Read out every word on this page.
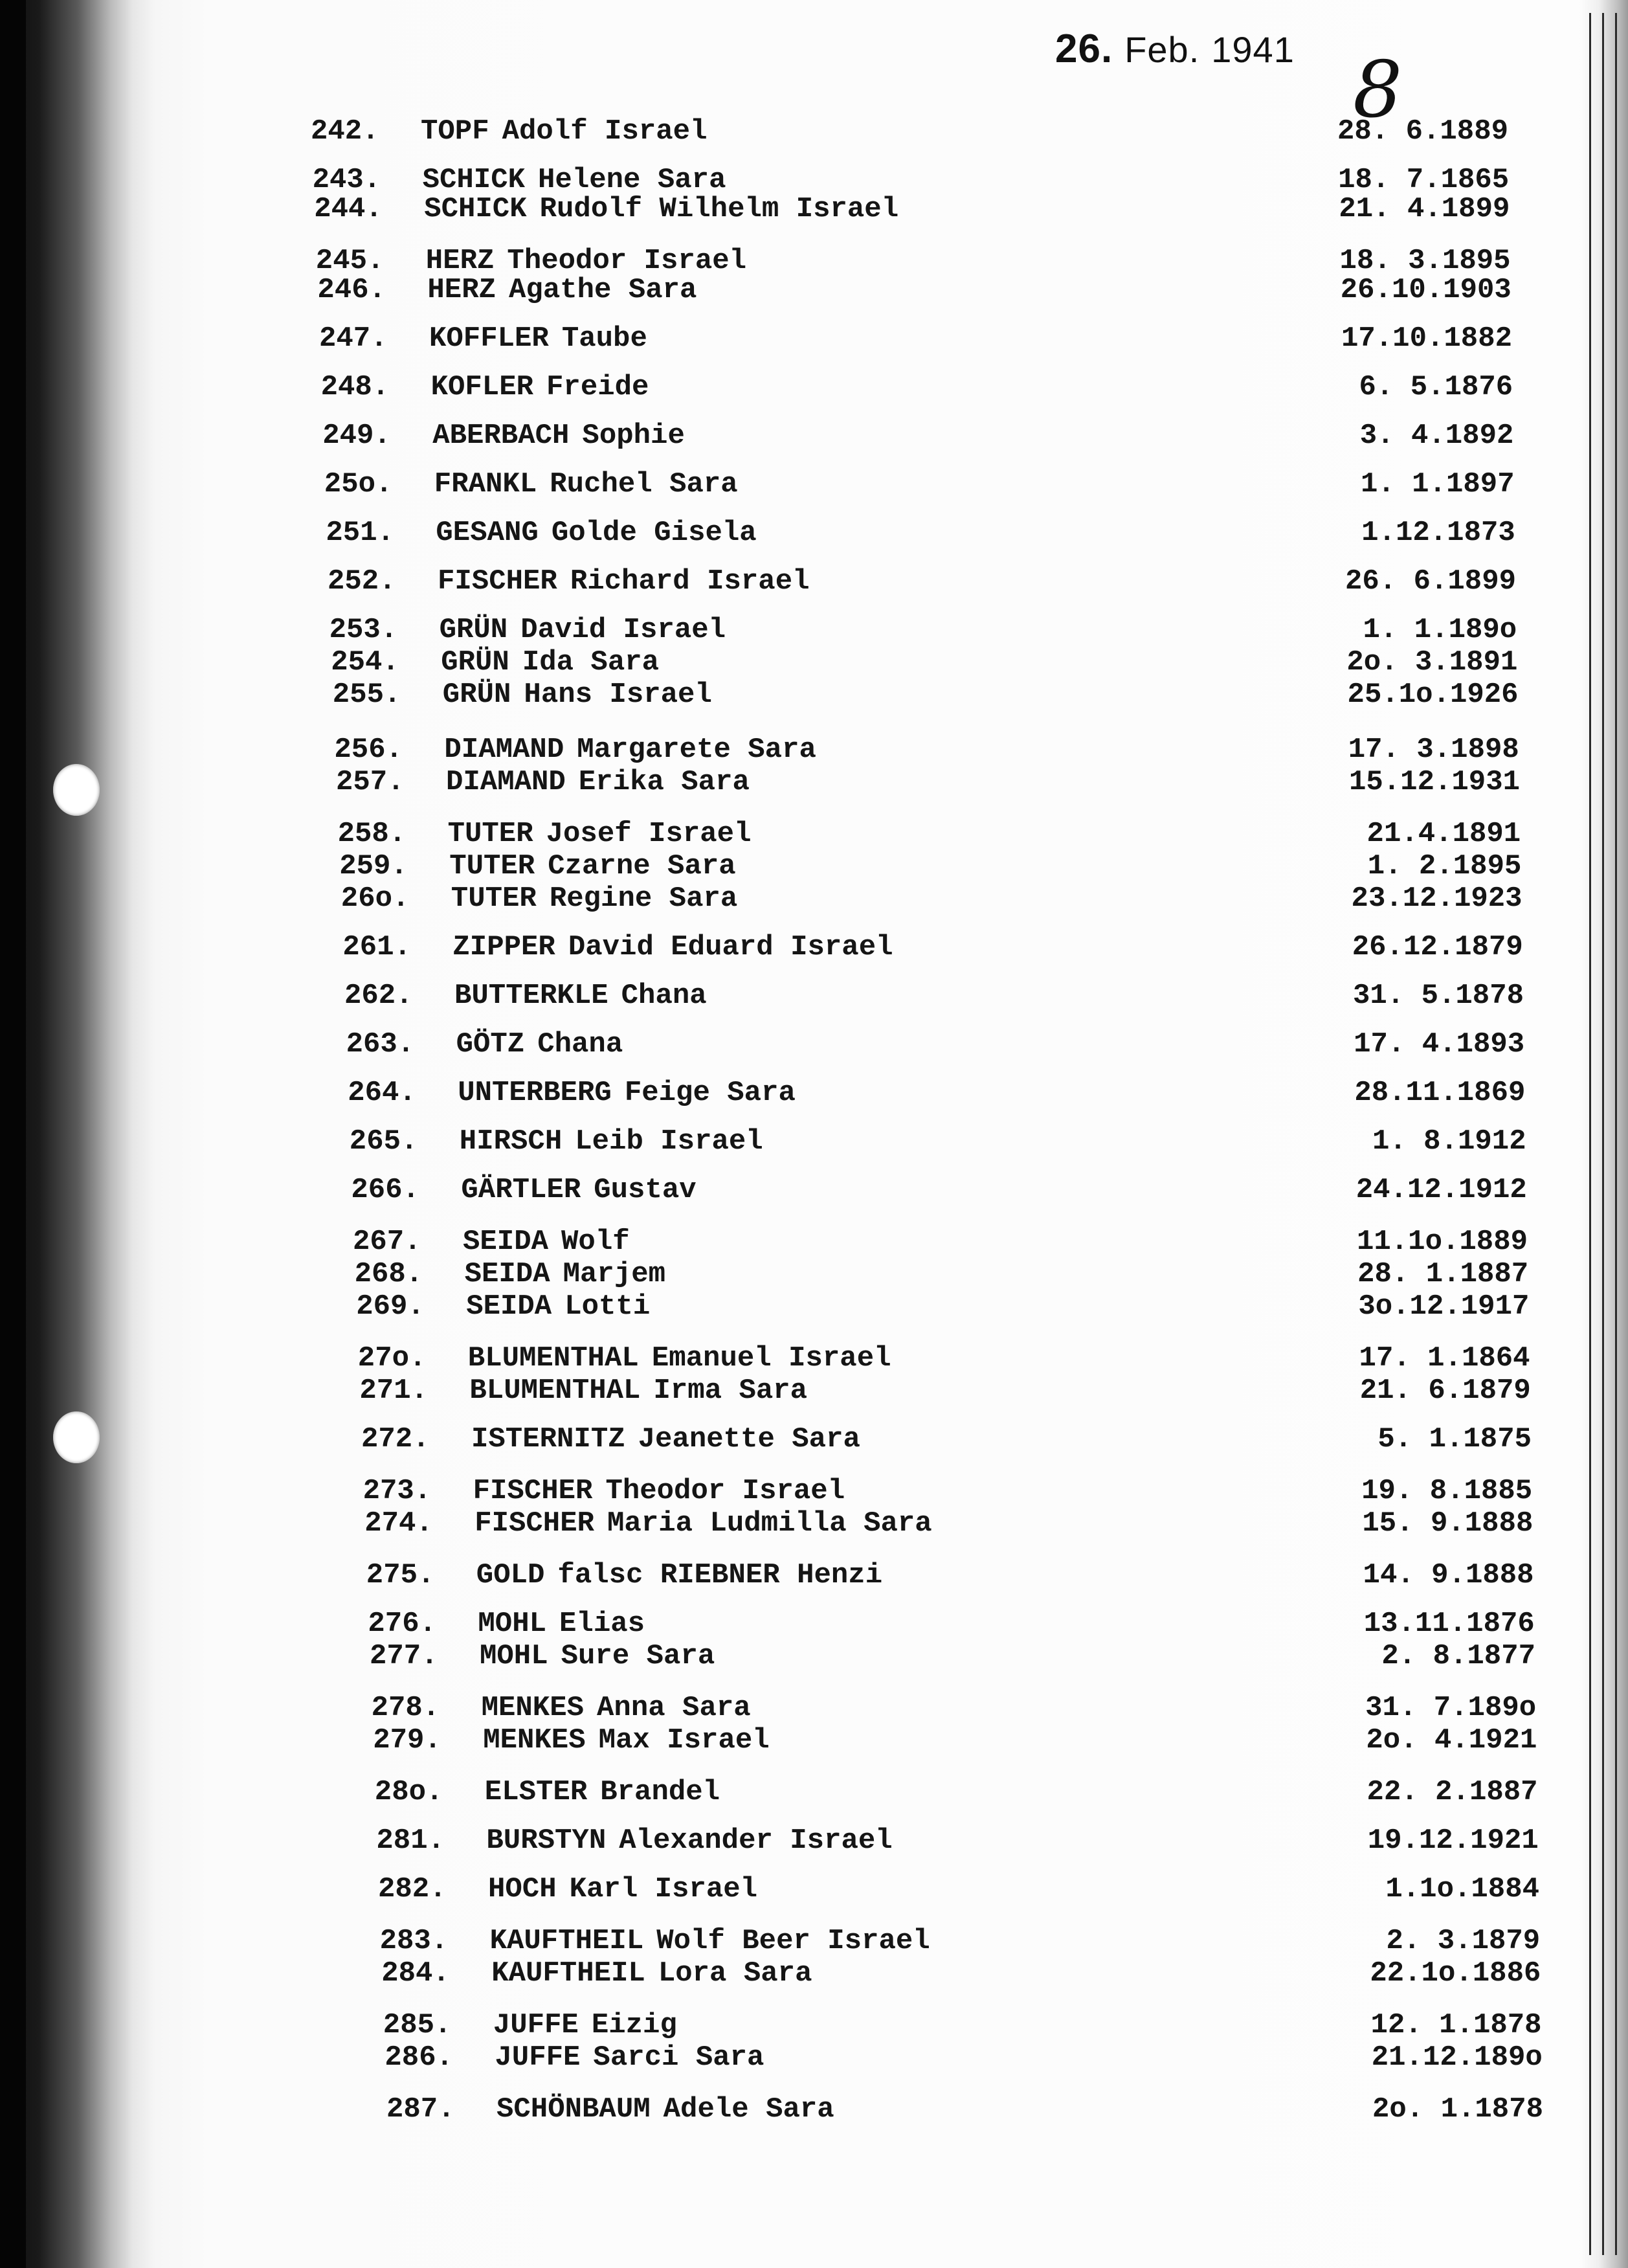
26. Feb. 1941 8
242. TOPF Adolf Israel	28. 6.1889
243. SCHICK Helene Sara	18. 7.1865
244. SCHICK Rudolf Wilhelm Israel	21. 4.1899
245. HERZ Theodor Israel	18. 3.1895
246. HERZ Agathe Sara	26.10.1903
247. KOFFLER Taube	17.10.1882
248. KOFLER Freide	6. 5.1876
249. ABERBACH Sophie	3. 4.1892
25o. FRANKL Ruchel Sara	1. 1.1897
251. GESANG Golde Gisela	1.12.1873
252. FISCHER Richard Israel	26. 6.1899
253. GRÜN David Israel	1. 1.189o
254. GRÜN Ida Sara	2o. 3.1891
255. GRÜN Hans Israel	25.1o.1926
256. DIAMAND Margarete Sara	17. 3.1898
257. DIAMAND Erika Sara	15.12.1931
258. TUTER Josef Israel	21.4.1891
259. TUTER Czarne Sara	1. 2.1895
26o. TUTER Regine Sara	23.12.1923
261. ZIPPER David Eduard Israel	26.12.1879
262. BUTTERKLE Chana	31. 5.1878
263. GÖTZ Chana	17. 4.1893
264. UNTERBERG Feige Sara	28.11.1869
265. HIRSCH Leib Israel	1. 8.1912
266. GÄRTLER Gustav	24.12.1912
267. SEIDA Wolf	11.1o.1889
268. SEIDA Marjem	28. 1.1887
269. SEIDA Lotti	3o.12.1917
27o. BLUMENTHAL Emanuel Israel	17. 1.1864
271. BLUMENTHAL Irma Sara	21. 6.1879
272. ISTERNITZ Jeanette Sara	5. 1.1875
273. FISCHER Theodor Israel	19. 8.1885
274. FISCHER Maria Ludmilla Sara	15. 9.1888
275. GOLD falsc RIEBNER Henzi	14. 9.1888
276. MOHL Elias	13.11.1876
277. MOHL Sure Sara	2. 8.1877
278. MENKES Anna Sara	31. 7.189o
279. MENKES Max Israel	2o. 4.1921
28o. ELSTER Brandel	22. 2.1887
281. BURSTYN Alexander Israel	19.12.1921
282. HOCH Karl Israel	1.1o.1884
283. KAUFTHEIL Wolf Beer Israel	2. 3.1879
284. KAUFTHEIL Lora Sara	22.1o.1886
285. JUFFE Eizig	12. 1.1878
286. JUFFE Sarci Sara	21.12.189o
287. SCHÖNBAUM Adele Sara	2o. 1.1878
